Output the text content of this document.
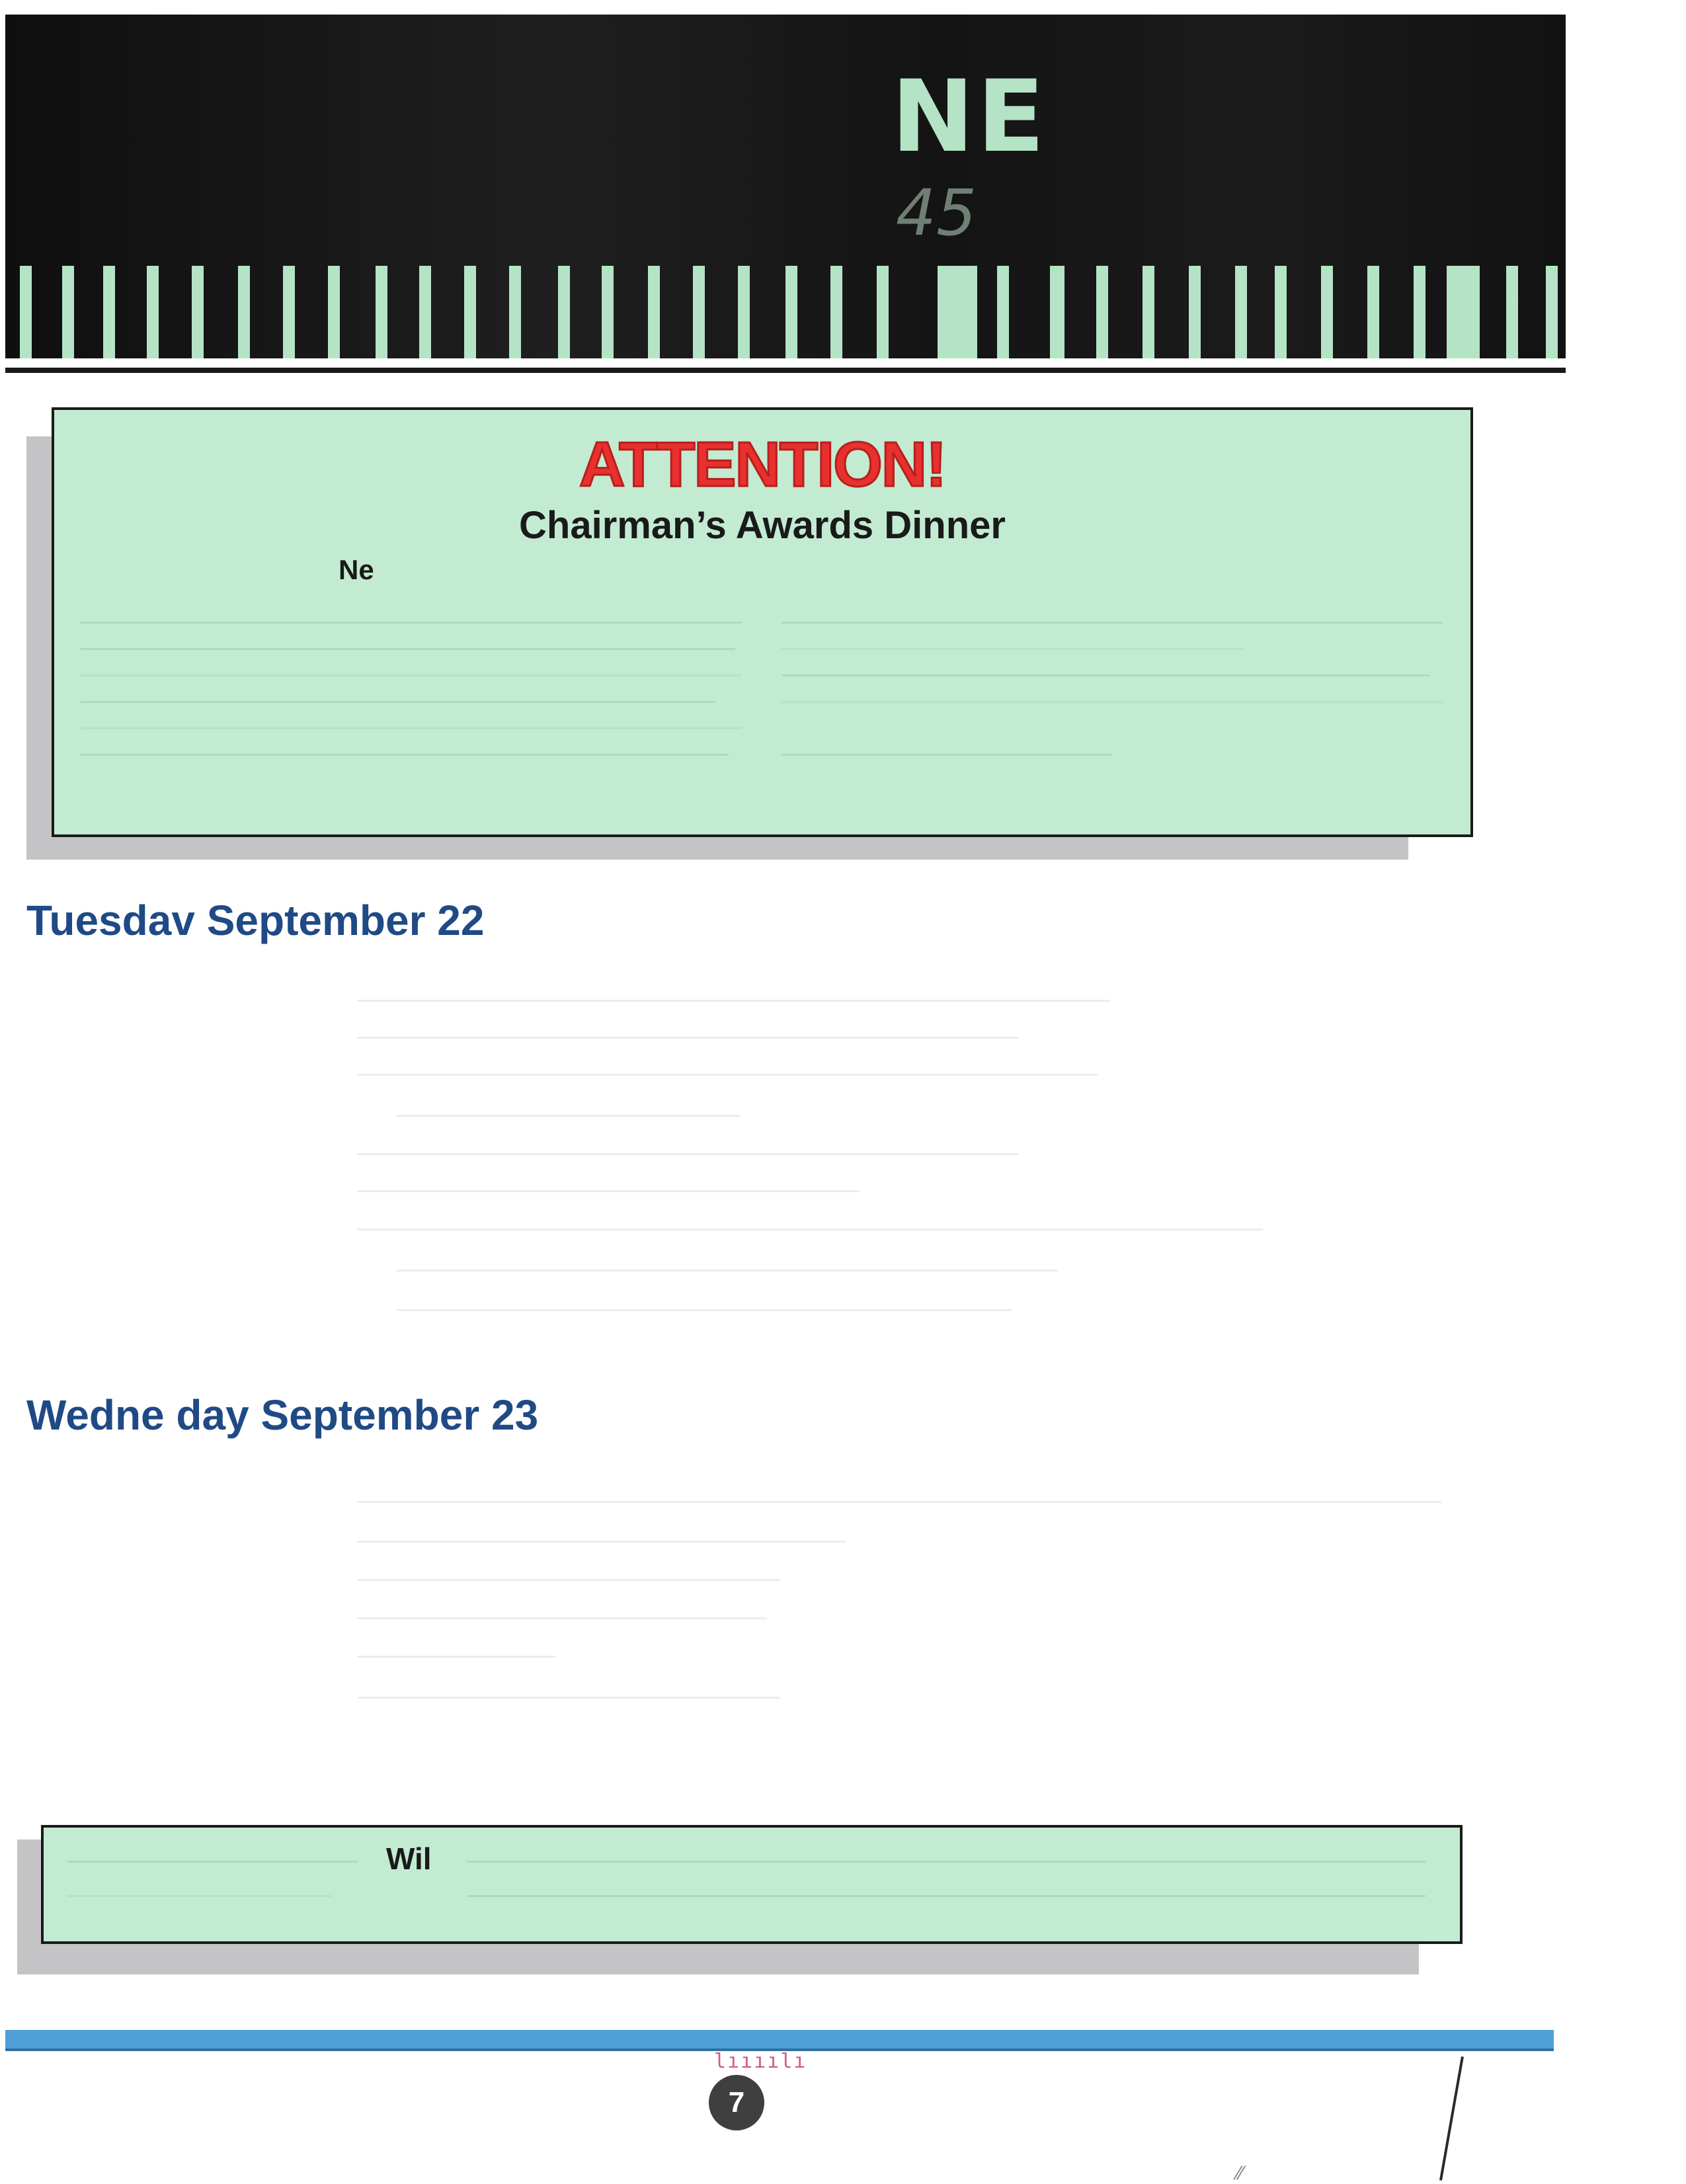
NE
45
ATTENTION!
Chairman’s Awards Dinner
Ne
Tuesdav September 22
Wedne day September 23
Wil
lıııılı
7
⁄⁄
